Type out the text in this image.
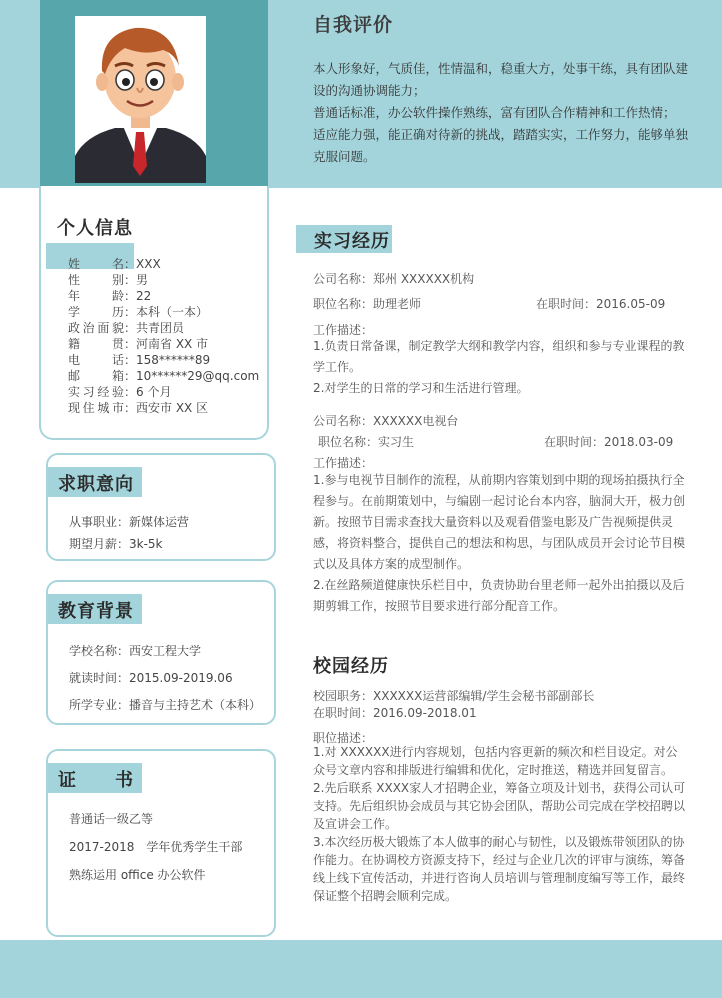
个人信息
姓名：XXX
性别：男
年龄：22
学历：本科（一本）
政治面貌：共青团员
籍贯：河南省 XX 市
电话：158******89
邮箱：10******29@qq.com
实习经验：6 个月
现住城市：西安市 XX 区
求职意向
从事职业：新媒体运营
期望月薪：3k-5k
教育背景
学校名称：西安工程大学
就读时间：2015.09-2019.06
所学专业：播音与主持艺术（本科）
证　　书
普通话一级乙等
2017-2018　学年优秀学生干部
熟练运用 office 办公软件
自我评价

本人形象好，气质佳，性情温和，稳重大方，处事干练，具有团队建设的沟通协调能力；

普通话标准，办公软件操作熟练，富有团队合作精神和工作热情；

适应能力强，能正确对待新的挑战，踏踏实实，工作努力，能够单独克服问题。

实习经历
公司名称：郑州 XXXXXX机构
职位名称：助理老师	在职时间：2016.05-09
工作描述：

1.负责日常备课，制定教学大纲和教学内容，组织和参与专业课程的教学工作。

2.对学生的日常的学习和生活进行管理。

公司名称：XXXXXX电视台
职位名称：实习生	在职时间：2018.03-09
工作描述：

1.参与电视节目制作的流程，从前期内容策划到中期的现场拍摄执行全程参与。在前期策划中，与编剧一起讨论台本内容，脑洞大开，极力创新。按照节目需求查找大量资料以及观看借鉴电影及广告视频提供灵感，将资料整合，提供自己的想法和构思，与团队成员开会讨论节目模式以及具体方案的成型制作。

2.在丝路频道健康快乐栏目中，负责协助台里老师一起外出拍摄以及后期剪辑工作，按照节目要求进行部分配音工作。

校园经历
校园职务：XXXXXX运营部编辑/学生会秘书部副部长
在职时间：2016.09-2018.01
职位描述：

1.对 XXXXXX进行内容规划，包括内容更新的频次和栏目设定。对公众号文章内容和排版进行编辑和优化，定时推送，精选并回复留言。

2.先后联系 XXXX家人才招聘企业，筹备立项及计划书，获得公司认可支持。先后组织协会成员与其它协会团队，帮助公司完成在学校招聘以及宣讲会工作。

3.本次经历极大锻炼了本人做事的耐心与韧性，以及锻炼带领团队的协作能力。在协调校方资源支持下，经过与企业几次的评审与演练，筹备线上线下宣传活动，并进行咨询人员培训与管理制度编写等工作，最终保证整个招聘会顺利完成。
